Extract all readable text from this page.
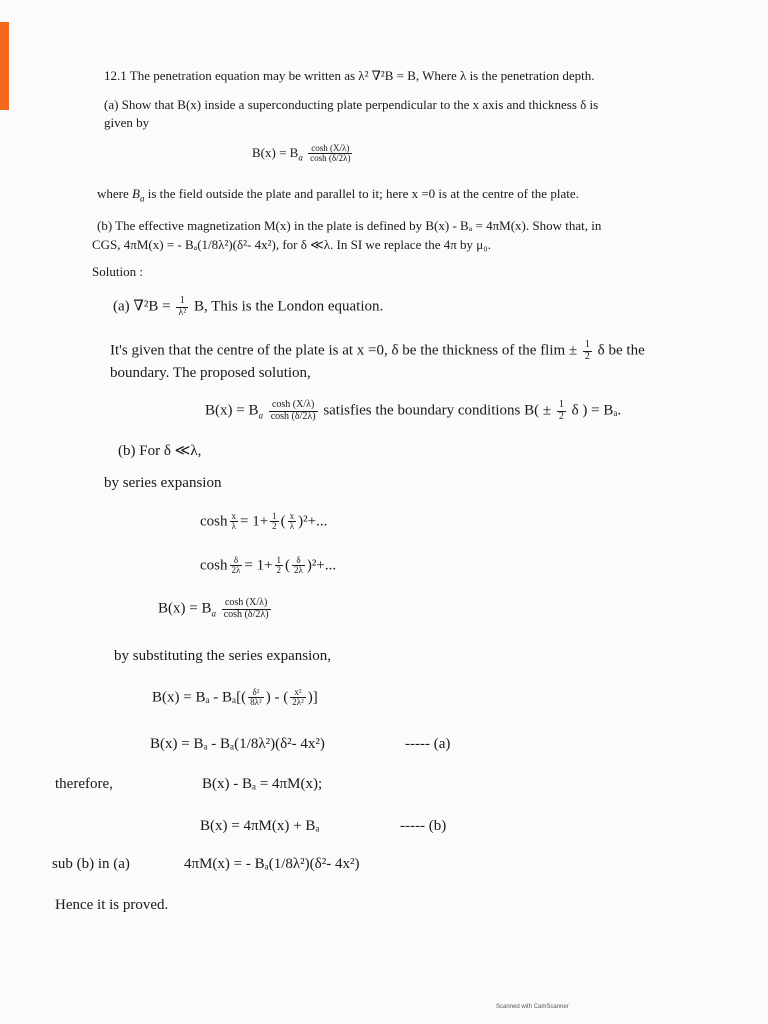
12.1 The penetration equation may be written as λ² ∇²B = B, Where λ is the penetration depth.
(a) Show that B(x) inside a superconducting plate perpendicular to the x axis and thickness δ is
given by
$B(x) = B_a \frac{\cosh (X/\lambda)}{\cosh (\delta/2\lambda)}$
where $B_a$ is the field outside the plate and parallel to it; here x =0 is at the centre of the plate.
(b) The effective magnetization M(x) in the plate is defined by B(x) - Bₐ = 4πM(x). Show that, in
CGS, 4πM(x) = - Bₐ(1/8λ²)(δ²- 4x²), for δ ≪λ. In SI we replace the 4π by μ₀.
Solution :
(a) $\nabla^2B = \frac{1}{\text{λ²}} B$, This is the London equation.
It's given that the centre of the plate is at x =0, δ be the thickness of the $flim \pm \frac{1}{2}$ δ be the
boundary. The proposed solution,
$B(x) = B_a \frac{\cosh (X/\lambda)}{\cosh (\delta/2\lambda)}$ satisfies the boundary conditions $B( \pm \frac{1}{2}$ δ ) = Bₐ.
(b) For δ ≪λ,
by series expansion
$\cosh \frac{x}{\lambda} = 1+ \frac{1}{2}$ ( $\frac{x}{\lambda} )^2+$...
$\cosh \frac{\delta}{2\lambda} = 1+ \frac{1}{2}$ ( $\frac{\delta}{2\lambda} )^2+$...
$B(x) = B_a \frac{\cosh (X/\lambda)}{\cosh (\delta/2\lambda)}$
by substituting the series expansion,
$B(x) = B_a - B_a[( \frac{\text{δ²}}{\text{8λ²}}$ ) - ( $\frac{\text{x²}}{\text{2λ²}}$ )]
B(x) = Bₐ - Bₐ(1/8λ²)(δ²- 4x²)	----- (a)
therefore,	B(x) - Bₐ = 4πM(x);
B(x) = 4πM(x) + Bₐ	----- (b)
sub (b) in (a)	4πM(x) = - Bₐ(1/8λ²)(δ²- 4x²)
Hence it is proved.
Scanned with CamScanner
